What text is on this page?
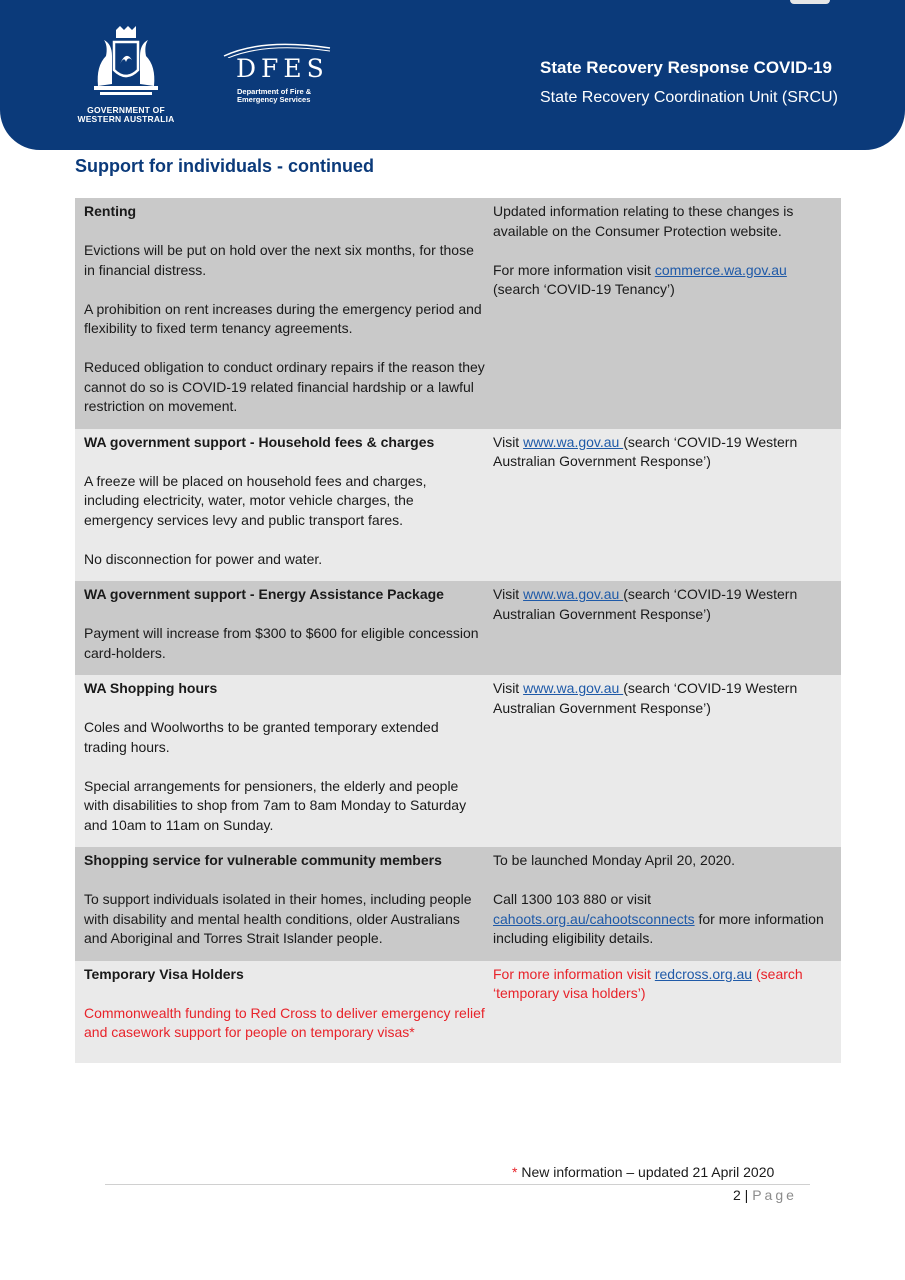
GOVERNMENT OF WESTERN AUSTRALIA
DFES
Department of Fire & Emergency Services
State Recovery Response COVID-19
State Recovery Coordination Unit (SRCU)
Support for individuals - continued

Renting

Evictions will be put on hold over the next six months, for those in financial distress.

A prohibition on rent increases during the emergency period and flexibility to fixed term tenancy agreements.

Reduced obligation to conduct ordinary repairs if the reason they cannot do so is COVID-19 related financial hardship or a lawful restriction on movement.

Updated information relating to these changes is available on the Consumer Protection website.

For more information visit commerce.wa.gov.au (search ‘COVID-19 Tenancy’)

WA government support - Household fees & charges

A freeze will be placed on household fees and charges, including electricity, water, motor vehicle charges, the emergency services levy and public transport fares.

No disconnection for power and water.

Visit www.wa.gov.au (search ‘COVID-19 Western Australian Government Response’)

WA government support - Energy Assistance Package

Payment will increase from $300 to $600 for eligible concession card-holders.

Visit www.wa.gov.au (search ‘COVID-19 Western Australian Government Response’)

WA Shopping hours

Coles and Woolworths to be granted temporary extended trading hours.

Special arrangements for pensioners, the elderly and people with disabilities to shop from 7am to 8am Monday to Saturday and 10am to 11am on Sunday.

Visit www.wa.gov.au (search ‘COVID-19 Western Australian Government Response’)

Shopping service for vulnerable community members

To support individuals isolated in their homes, including people with disability and mental health conditions, older Australians and Aboriginal and Torres Strait Islander people.

To be launched Monday April 20, 2020.

Call 1300 103 880 or visit cahoots.org.au/cahootsconnects for more information including eligibility details.

Temporary Visa Holders

Commonwealth funding to Red Cross to deliver emergency relief and casework support for people on temporary visas*

For more information visit redcross.org.au (search ‘temporary visa holders’)

* New information – updated 21 April 2020
2 | Page
